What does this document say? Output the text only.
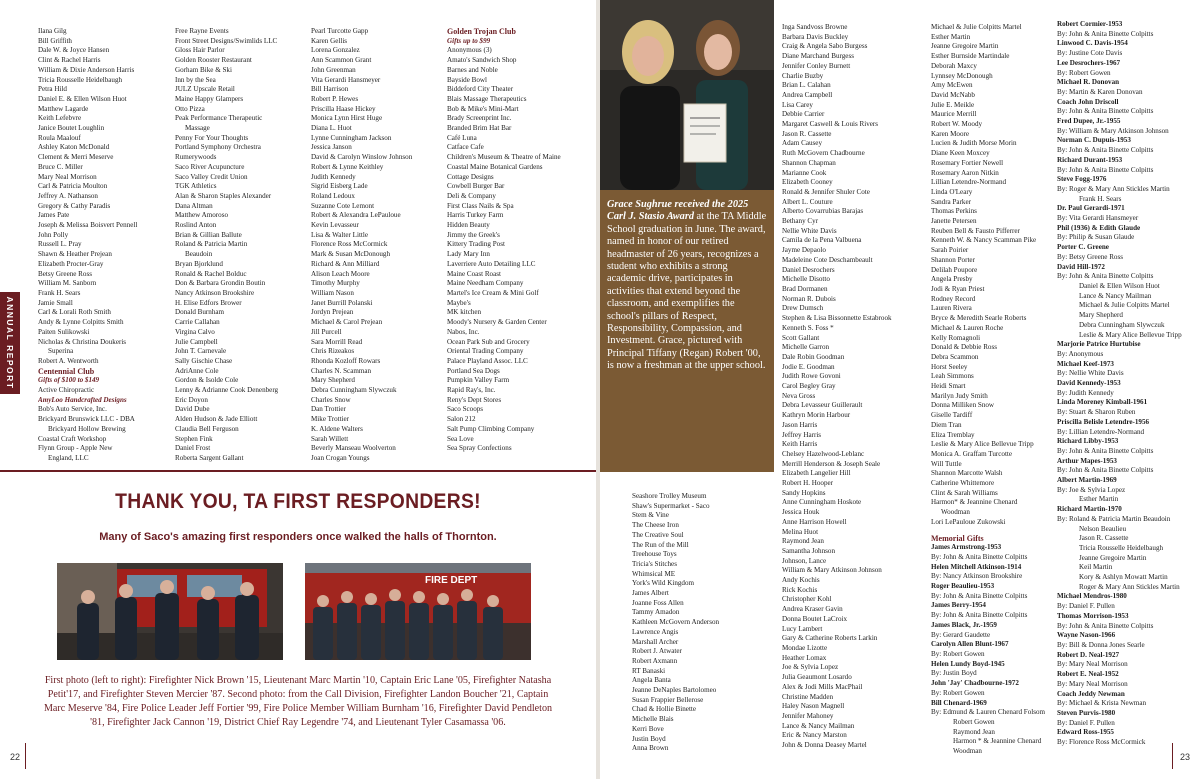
Ilana Gilg
Bill Griffith
Dale W. & Joyce Hansen
Clint & Rachel Harris
William & Dixie Anderson Harris
Tricia Rousselle Heidelbaugh
Petra Hild
Daniel E. & Ellen Wilson Huot
Matthew Lagarde
Keith Lefebvre
Janice Boutet Loughlin
Roula Maalouf
Ashley Katon McDonald
Clement & Merri Meserve
Bruce C. Miller
Mary Neal Morrison
Carl & Patricia Moulton
Jeffrey A. Nathanson
Gregory & Cathy Paradis
James Pate
Joseph & Melissa Boisvert Pennell
John Polly
Russell L. Pray
Shawn & Heather Prejean
Elizabeth Procter-Gray
Betsy Greene Ross
William M. Sanborn
Frank H. Sears
Jamie Small
Carl & Lorali Roth Smith
Andy & Lynne Colpitts Smith
Paiten Sulikowski
Nicholas & Christina Doukeris
Superina
Robert A. Wentworth
Centennial Club
Gifts of $100 to $149
Active Chiropractic
AmyLoo Handcrafted Designs
Bob's Auto Service, Inc.
Brickyard Brunswick LLC - DBA
Brickyard Hollow Brewing
Coastal Craft Workshop
Flynn Group - Apple New
England, LLC
Free Rayne Events
Front Street Designs/Swimlids LLC
Gloss Hair Parlor
Golden Rooster Restaurant
Gorham Bike & Ski
Inn by the Sea
JULZ Upscale Retail
Maine Happy Glampers
Otto Pizza
Peak Performance Therapeutic
Massage
Penny For Your Thoughts
Portland Symphony Orchestra
Rumerywoods
Saco River Acupuncture
Saco Valley Credit Union
TGK Athletics
Alan & Sharon Staples Alexander
Dana Altman
Matthew Amoroso
Roslind Anton
Brian & Gillian Ballute
Roland & Patricia Martin
Beaudoin
Bryan Bjorklund
Ronald & Rachel Bolduc
Don & Barbara Grondin Boutin
Nancy Atkinson Brookshire
H. Elise Edfors Brower
Donald Burnham
Carrie Callahan
Virgina Calvo
Julie Campbell
John T. Carnevale
Sally Gischie Chase
AdriAnne Cole
Gordon & Isolde Cole
Lenny & Adrianne Cook Denenberg
Eric Doyon
David Dube
Alden Hudson & Jade Elliott
Claudia Bell Ferguson
Stephen Fink
Daniel Frost
Roberta Sargent Gallant
Pearl Turcotte Gapp
Karen Gellis
Lorena Gonzalez
Ann Scammon Grant
John Greenman
Vita Gerardi Hansmeyer
Bill Harrison
Robert P. Hewes
Priscilla Haase Hickey
Monica Lynn Hirst Hugе
Diana L. Huot
Lynne Cunningham Jackson
Jessica Janson
David & Carolyn Winslow Johnson
Robert & Lynne Keithley
Judith Kennedy
Sigrid Eisberg Lade
Roland Ledoux
Suzanne Cote Lemont
Robert & Alexandra LePauloue
Kevin Levasseur
Lisa & Walter Little
Florence Ross McCormick
Mark & Susan McDonough
Richard & Ann Milliard
Alison Leach Moore
Timothy Murphy
William Nason
Janet Burrill Polanski
Jordyn Prejean
Michael & Carol Prejean
Jill Purcell
Sara Morrill Read
Chris Rizeakos
Rhonda Kozloff Rowars
Charles N. Scamman
Mary Shepherd
Debra Cunningham Slywczuk
Charles Snow
Dan Trottier
Mike Trottier
K. Aldene Walters
Sarah Willett
Beverly Manseau Woolverton
Joan Crogan Youngs
Golden Trojan Club
Gifts up to $99
Anonymous (3)
Amato's Sandwich Shop
Barnes and Noble
Bayside Bowl
Biddeford City Theater
Blais Massage Therapeutics
Bob & Mike's Mini-Mart
Brady Screenprint Inc.
Branded Brim Hat Bar
Café Luna
Catface Cafe
Children's Museum & Theatre of Maine
Coastal Maine Botanical Gardens
Cottage Designs
Cowbell Burger Bar
Deli & Company
First Class Nails & Spa
Harris Turkey Farm
Hidden Beauty
Jimmy the Greek's
Kittery Trading Post
Lady Mary Inn
Laverriere Auto Detailing LLC
Maine Coast Roast
Maine Needham Company
Martel's Ice Cream & Mini Golf
Maybe's
MK kitchen
Moody's Nursery & Garden Center
Nabos, Inc.
Ocean Park Sub and Grocery
Oriental Trading Company
Palace Playland Assoc. LLC
Portland Sea Dogs
Pumpkin Valley Farm
Rapid Ray's, Inc.
Reny's Dept Stores
Saco Scoops
Salon 212
Salt Pump Climbing Company
Sea Love
Sea Spray Confections
ANNUAL REPORT
THANK YOU, TA FIRST RESPONDERS!
Many of Saco's amazing first responders once walked the halls of Thornton.
FIRE DEPT
First photo (left to right): Firefighter Nick Brown '15, Lieutenant Marc Martin '10, Captain Eric Lane '05, Firefighter Natasha Petit'17, and Firefighter Steven Mercier '87. Second photo: from the Call Division, Firefighter Landon Boucher '21, Captain Marc Meserve '84, Fire Police Leader Jeff Fortier '99, Fire Police Member William Burnham '16, Firefighter David Pendleton '81, Firefighter Jack Cannon '19, District Chief Ray Legendre '74, and Lieutenant Tyler Casamassa '06.
22
Seashore Trolley Museum
Shaw's Supermarket - Saco
Stem & Vine
The Cheese Iron
The Creative Soul
The Run of the Mill
Treehouse Toys
Tricia's Stitches
Whimsical ME
York's Wild Kingdom
James Albert
Joanne Foss Allen
Tammy Amadon
Kathleen McGovern Anderson
Lawrence Angis
Marshall Archer
Robert J. Atwater
Robert Axmann
RT Banaski
Angela Banta
Jeanne DeNaples Bartolomeo
Susan Frappier Bellerose
Chad & Hollie Binette
Michelle Blais
Kerri Bove
Justin Boyd
Anna Brown
Inga Sandvoss Browne
Barbara Davis Buckley
Craig & Angela Sabo Burgess
Diane Marchand Burgess
Jennifer Conley Burnett
Charlie Buzby
Brian L. Calahan
Andrea Campbell
Lisa Carey
Debbie Carrier
Margaret Caswell & Louis Rivers
Jason R. Cassette
Adam Causey
Ruth McGovern Chadbourne
Shannon Chapman
Marianne Cook
Elizabeth Cooney
Ronald & Jennifer Shuler Cote
Albert L. Couture
Alberto Covarrubias Barajas
Bethany Cyr
Nellie White Davis
Camila de la Pena Valbuena
Jayme Depaolo
Madeleine Cote Deschambeault
Daniel Desrochers
Michelle Disotto
Brad Dormanen
Norman R. Dubois
Drew Dumsch
Stephen & Lisa Bissonnette Estabrook
Kenneth S. Foss *
Scott Gallant
Michelle Garron
Dale Robin Goodman
Jodie E. Goodman
Judith Rowe Govoni
Carol Begley Gray
Neva Gross
Debra Levasseur Guillerault
Kathryn Morin Harbour
Jason Harris
Jeffrey Harris
Keith Harris
Chelsey Hazelwood-Leblanc
Merrill Henderson & Joseph Seale
Elizabeth Langelier Hill
Robert H. Hooper
Sandy Hopkins
Anne Cunningham Hoskote
Jessica Houk
Anne Harrison Howell
Melina Huot
Raymond Jean
Samantha Johnson
Johnson, Lance
William & Mary Atkinson Johnson
Andy Kochis
Rick Kochis
Christopher Kohl
Andrea Kraser Gavin
Donna Boutet LaCroix
Lucy Lambert
Gary & Catherine Roberts Larkin
Mondae Lizotte
Heather Lomax
Joe & Sylvia Lopez
Julia Geaumont Losardo
Alex & Jodi Mills MacPhail
Christine Madden
Haley Nason Magnell
Jennifer Mahoney
Lance & Nancy Mailman
Eric & Nancy Marston
John & Donna Deasey Martel
Michael & Julie Colpitts Martel
Esther Martin
Jeanne Gregoire Martin
Esther Burnside Martindale
Deborah Maxcy
Lynnsey McDonough
Amy McEwen
David McNabb
Julie E. Meikle
Maurice Merrill
Robert W. Moody
Karen Moore
Lucien & Judith Morse Morin
Diane Keen Moxcey
Rosemary Fortier Newell
Rosemary Aaron Nitkin
Lillian Letendre-Normand
Linda O'Leary
Sandra Parker
Thomas Perkins
Janette Petersen
Reuben Bell & Fausto Pifferrer
Kenneth W. & Nancy Scamman Pike
Sarah Poirier
Shannon Porter
Delilah Poupore
Angela Presby
Jodi & Ryan Priest
Rodney Record
Lauren Rivera
Bryce & Meredith Searle Roberts
Michael & Lauren Roche
Kelly Romagnoli
Donald & Debbie Ross
Debra Scammon
Horst Seeley
Leah Simmons
Heidi Smart
Marilyn Judy Smith
Donna Milliken Snow
Giselle Tardiff
Diem Tran
Eliza Tremblay
Leslie & Mary Alice Bellevue Tripp
Monica A. Graffam Turcotte
Will Tuttle
Shannon Marcotte Walsh
Catherine Whittemore
Clint & Sarah Williams
Harmon* & Jeannine Chenard
Woodman
Lori LePauloue Zukowski
Memorial Gifts
James Armstrong-1953
By: John & Anita Binette Colpitts
Helen Mitchell Atkinson-1914
By: Nancy Atkinson Brookshire
Roger Beaulieu-1953
By: John & Anita Binette Colpitts
James Berry-1954
By: John & Anita Binette Colpitts
James Black, Jr.-1959
By: Gerard Gaudette
Carolyn Allen Blunt-1967
By: Robert Gowen
Helen Lundy Boyd-1945
By: Justin Boyd
John 'Jay' Chadbourne-1972
By: Robert Gowen
Bill Chenard-1969
By: Edmund & Lauren Chenard Folsom
Robert Gowen
Raymond Jean
Harmon * & Jeannine Chenard
Woodman
Robert Cormier-1953
By: John & Anita Binette Colpitts
Linwood C. Davis-1954
By: Justine Cote Davis
Lee Desrochers-1967
By: Robert Gowen
Michael R. Donovan
By: Martin & Karen Donovan
Coach John Driscoll
By: John & Anita Binette Colpitts
Fred Dupee, Jr.-1955
By: William & Mary Atkinson Johnson
Norman C. Dupuis-1953
By: John & Anita Binette Colpitts
Richard Durant-1953
By: John & Anita Binette Colpitts
Steve Fogg-1976
By: Roger & Mary Ann Stickles Martin
Frank H. Sears
Dr. Paul Gerardi-1971
By: Vita Gerardi Hansmeyer
Phil (1936) & Edith Glaude
By: Philip & Susan Glaude
Porter C. Greene
By: Betsy Greene Ross
David Hill-1972
By: John & Anita Binette Colpitts
Daniel & Ellen Wilson Huot
Lance & Nancy Mailman
Michael & Julie Colpitts Martel
Mary Shepherd
Debra Cunningham Slywczuk
Leslie & Mary Alice Bellevue Tripp
Marjorie Patrice Hurtubise
By: Anonymous
Michael Keef-1973
By: Nellie White Davis
David Kennedy-1953
By: Judith Kennedy
Linda Moreney Kimball-1961
By: Stuart & Sharon Ruben
Priscilla Belisle Letendre-1956
By: Lillian Letendre-Normand
Richard Libby-1953
By: John & Anita Binette Colpitts
Arthur Mapes-1953
By: John & Anita Binette Colpitts
Albert Martin-1969
By: Joe & Sylvia Lopez
Esther Martin
Richard Martin-1970
By: Roland & Patricia Martin Beaudoin
Nelson Beaulieu
Jason R. Cassette
Tricia Rousselle Heidelbaugh
Jeanne Gregoire Martin
Keil Martin
Kory & Ashlyn Mowatt Martin
Roger & Mary Ann Stickles Martin
Michael Mendros-1980
By: Daniel F. Pullen
Thomas Morrison-1953
By: John & Anita Binette Colpitts
Wayne Nason-1966
By: Bill & Donna Jones Searle
Robert D. Neal-1927
By: Mary Neal Morrison
Robert E. Neal-1952
By: Mary Neal Morrison
Coach Jeddy Newman
By: Michael & Krista Newman
Steven Purvis-1980
By: Daniel F. Pullen
Edward Ross-1955
By: Florence Ross McCormick
23
Grace Sughrue received the 2025 Carl J. Stasio Award at the TA Middle School graduation in June. The award, named in honor of our retired headmaster of 26 years, recognizes a student who exhibits a strong academic drive, participates in activities that extend beyond the classroom, and exemplifies the school's pillars of Respect, Responsibility, Compassion, and Investment. Grace, pictured with Principal Tiffany (Regan) Robert '00, is now a freshman at the upper school.
